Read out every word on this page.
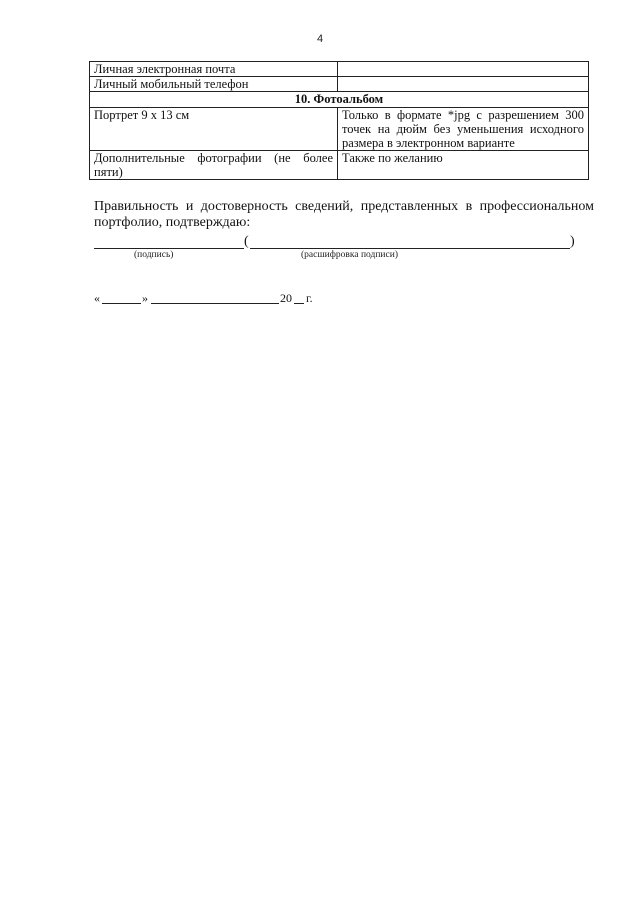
4
Личная электронная почта	
Личный мобильный телефон	
10. Фотоальбом	
Портрет 9 х 13 см	Только в формате *jpg с разрешением 300 точек на дюйм без уменьшения исходного размера в электронном варианте
Дополнительные фотографии (не более пяти)	Также по желанию
Правильность и достоверность сведений, представленных в профессиональном портфолио, подтверждаю:
(	)
(подпись)	(расшифровка подписи)
«	»	20 г.
